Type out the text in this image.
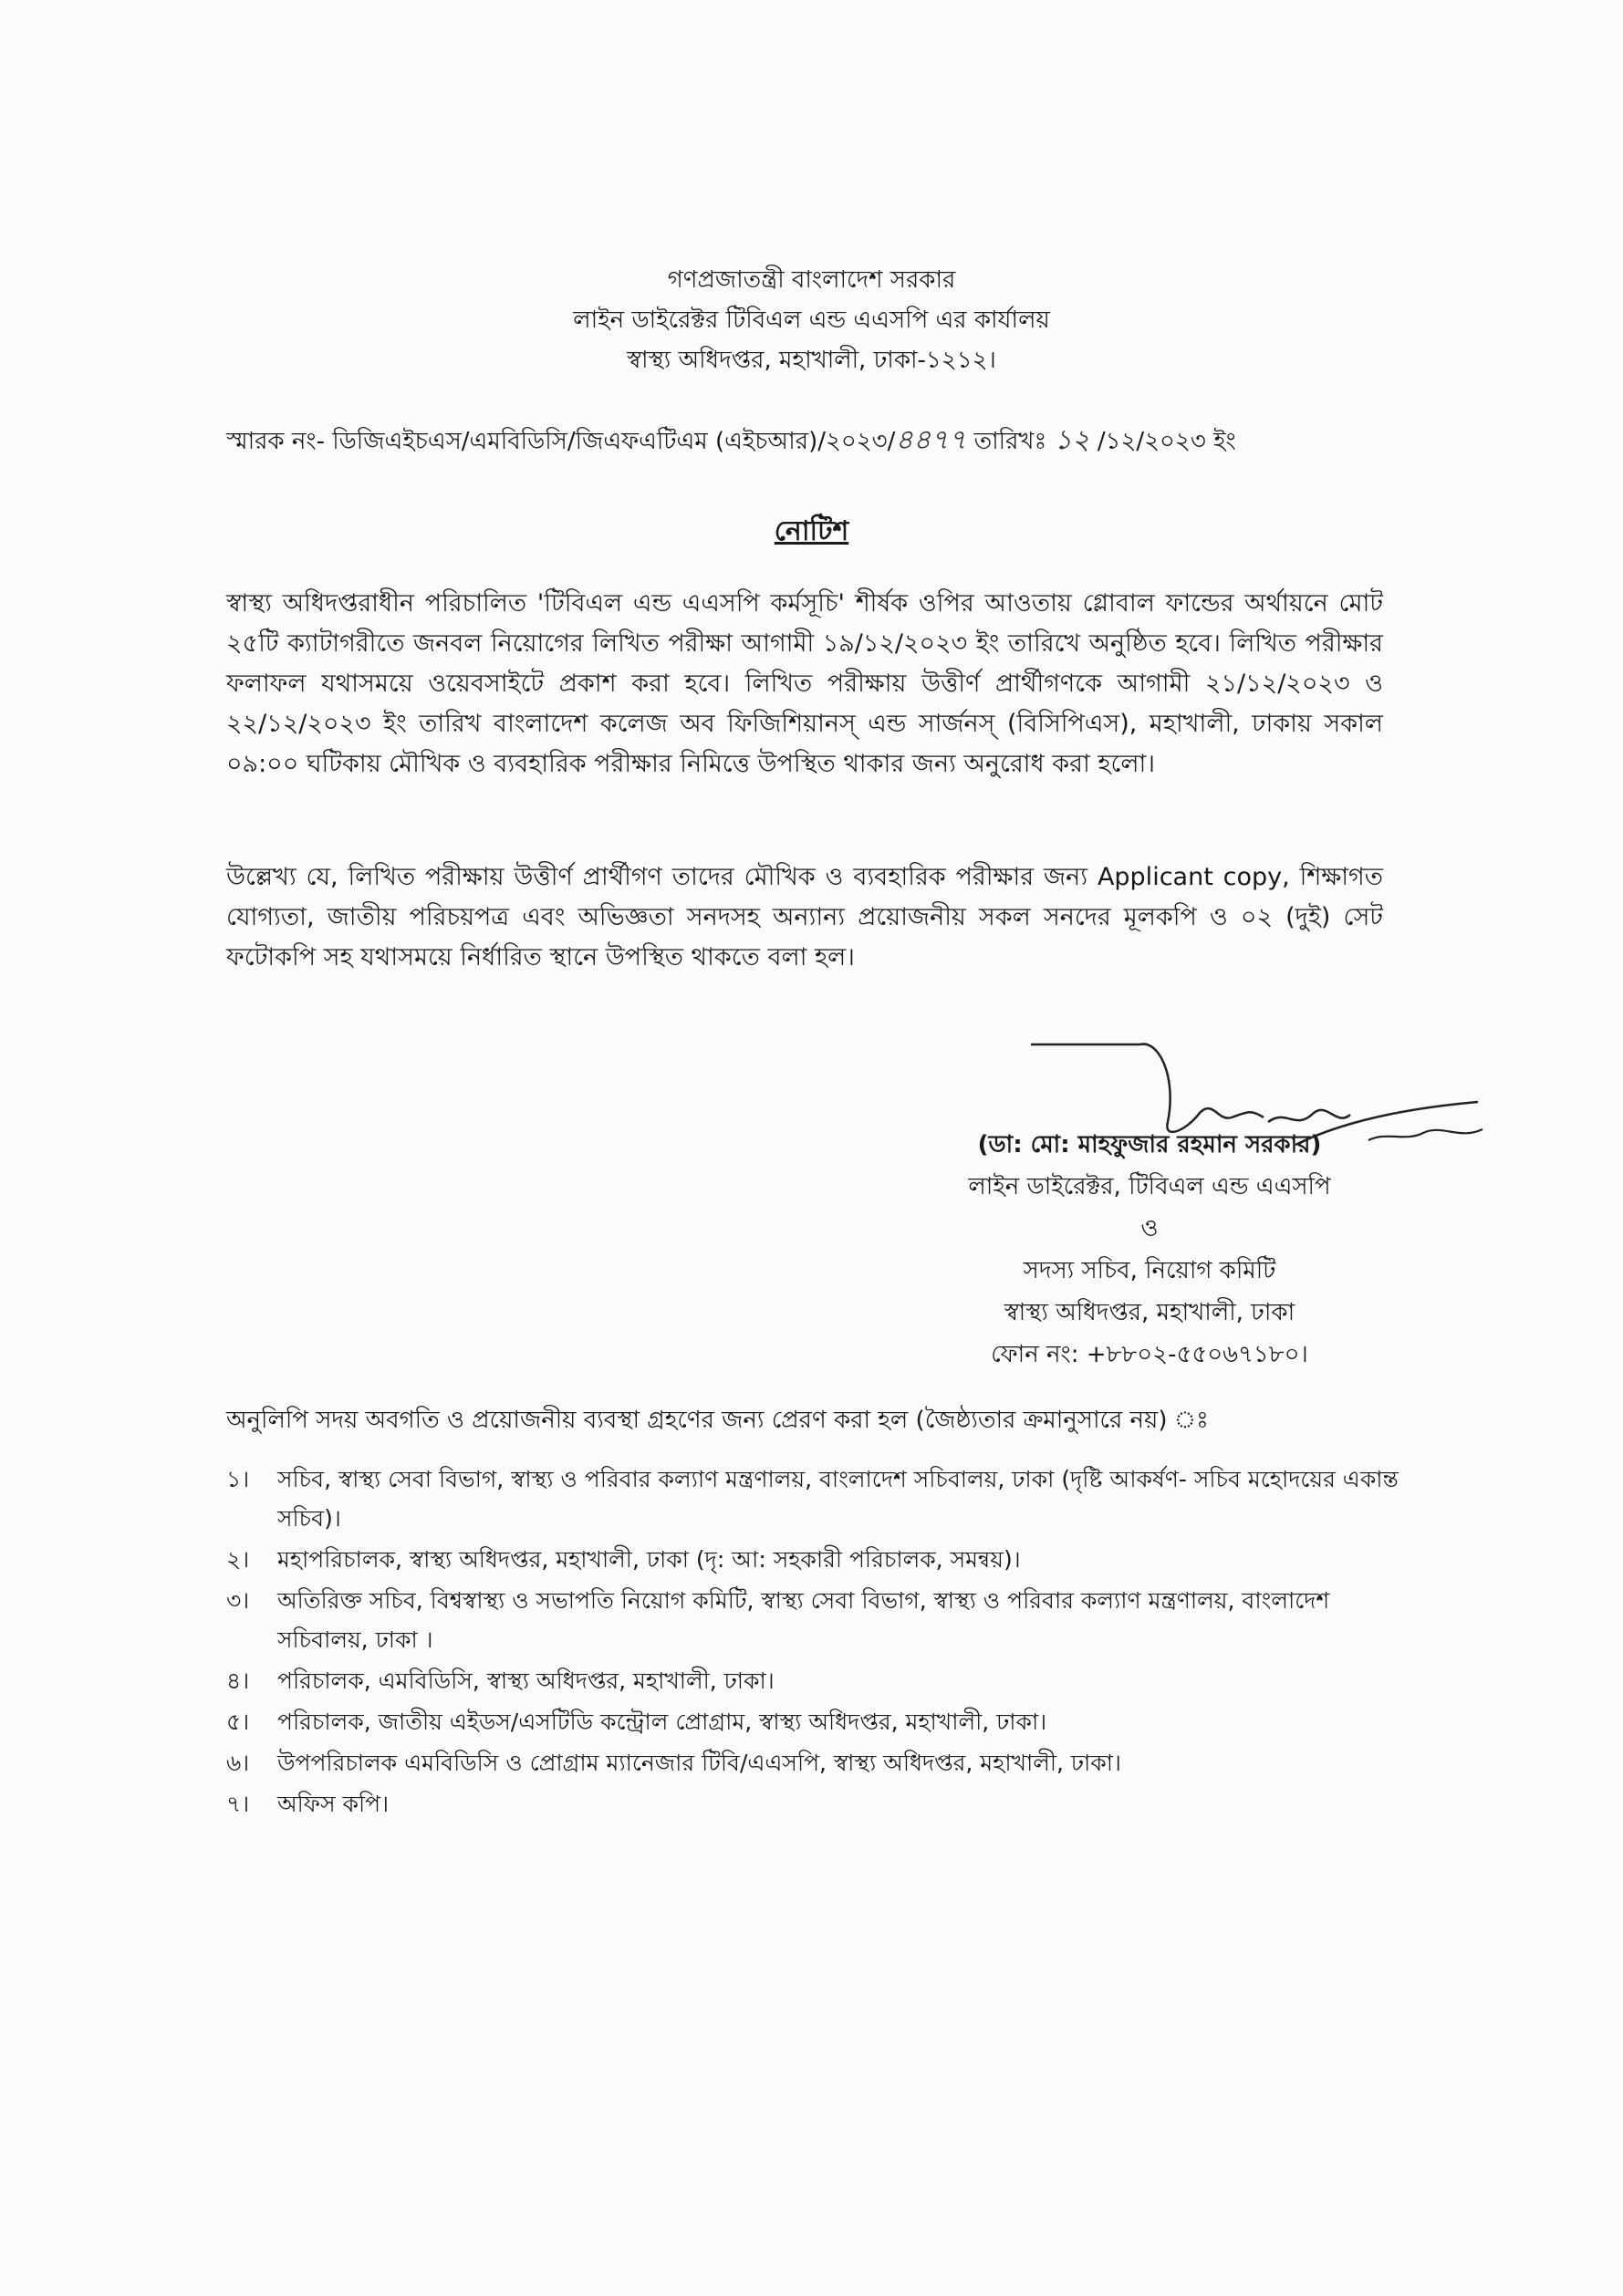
গণপ্রজাতন্ত্রী বাংলাদেশ সরকার
লাইন ডাইরেক্টর টিবিএল এন্ড এএসপি এর কার্যালয়
স্বাস্থ্য অধিদপ্তর, মহাখালী, ঢাকা-১২১২।
স্মারক নং- ডিজিএইচএস/এমবিডিসি/জিএফএটিএম (এইচআর)/২০২৩/৪৪৭৭ তারিখঃ ১২ /১২/২০২৩ ইং
নোটিশ
স্বাস্থ্য অধিদপ্তরাধীন পরিচালিত 'টিবিএল এন্ড এএসপি কর্মসূচি' শীর্ষক ওপির আওতায় গ্লোবাল ফান্ডের অর্থায়নে মোট ২৫টি ক্যাটাগরীতে জনবল নিয়োগের লিখিত পরীক্ষা আগামী ১৯/১২/২০২৩ ইং তারিখে অনুষ্ঠিত হবে। লিখিত পরীক্ষার ফলাফল যথাসময়ে ওয়েবসাইটে প্রকাশ করা হবে। লিখিত পরীক্ষায় উত্তীর্ণ প্রার্থীগণকে আগামী ২১/১২/২০২৩ ও ২২/১২/২০২৩ ইং তারিখ বাংলাদেশ কলেজ অব ফিজিশিয়ানস্‌ এন্ড সার্জনস্‌ (বিসিপিএস), মহাখালী, ঢাকায় সকাল ০৯:০০ ঘটিকায় মৌখিক ও ব্যবহারিক পরীক্ষার নিমিত্তে উপস্থিত থাকার জন্য অনুরোধ করা হলো।
উল্লেখ্য যে, লিখিত পরীক্ষায় উত্তীর্ণ প্রার্থীগণ তাদের মৌখিক ও ব্যবহারিক পরীক্ষার জন্য Applicant copy, শিক্ষাগত যোগ্যতা, জাতীয় পরিচয়পত্র এবং অভিজ্ঞতা সনদসহ অন্যান্য প্রয়োজনীয় সকল সনদের মূলকপি ও ০২ (দুই) সেট ফটোকপি সহ যথাসময়ে নির্ধারিত স্থানে উপস্থিত থাকতে বলা হল।
(ডা: মো: মাহফুজার রহমান সরকার)
লাইন ডাইরেক্টর, টিবিএল এন্ড এএসপি
ও
সদস্য সচিব, নিয়োগ কমিটি
স্বাস্থ্য অধিদপ্তর, মহাখালী, ঢাকা
ফোন নং: +৮৮০২-৫৫০৬৭১৮০।
অনুলিপি সদয় অবগতি ও প্রয়োজনীয় ব্যবস্থা গ্রহণের জন্য প্রেরণ করা হল (জৈষ্ঠ্যতার ক্রমানুসারে নয়) ঃ
১।	সচিব, স্বাস্থ্য সেবা বিভাগ, স্বাস্থ্য ও পরিবার কল্যাণ মন্ত্রণালয়, বাংলাদেশ সচিবালয়, ঢাকা (দৃষ্টি আকর্ষণ- সচিব মহোদয়ের একান্ত সচিব)।
২।	মহাপরিচালক, স্বাস্থ্য অধিদপ্তর, মহাখালী, ঢাকা (দৃ: আ: সহকারী পরিচালক, সমন্বয়)।
৩।	অতিরিক্ত সচিব, বিশ্বস্বাস্থ্য ও সভাপতি নিয়োগ কমিটি, স্বাস্থ্য সেবা বিভাগ, স্বাস্থ্য ও পরিবার কল্যাণ মন্ত্রণালয়, বাংলাদেশ সচিবালয়, ঢাকা ।
৪।	পরিচালক, এমবিডিসি, স্বাস্থ্য অধিদপ্তর, মহাখালী, ঢাকা।
৫।	পরিচালক, জাতীয় এইডস/এসটিডি কন্ট্রোল প্রোগ্রাম, স্বাস্থ্য অধিদপ্তর, মহাখালী, ঢাকা।
৬।	উপপরিচালক এমবিডিসি ও প্রোগ্রাম ম্যানেজার টিবি/এএসপি, স্বাস্থ্য অধিদপ্তর, মহাখালী, ঢাকা।
৭।	অফিস কপি।
